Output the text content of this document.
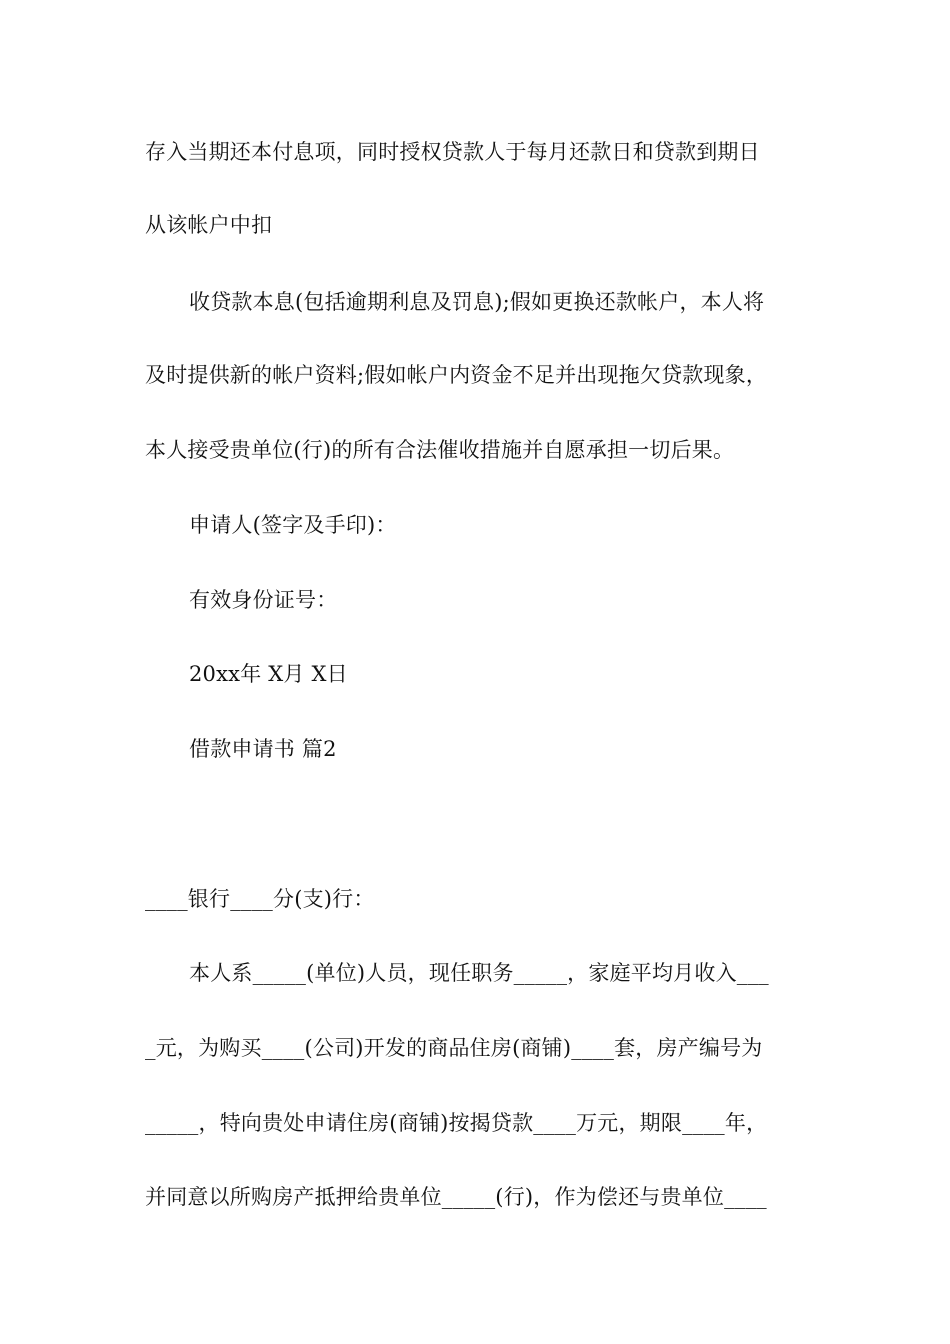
存入当期还本付息项，同时授权贷款人于每月还款日和贷款到期日
从该帐户中扣
收贷款本息(包括逾期利息及罚息);假如更换还款帐户，本人将
及时提供新的帐户资料;假如帐户内资金不足并出现拖欠贷款现象，
本人接受贵单位(行)的所有合法催收措施并自愿承担一切后果。
申请人(签字及手印)：
有效身份证号：
20xx年 X月 X日
借款申请书 篇2
____银行____分(支)行：
本人系_____(单位)人员，现任职务_____，家庭平均月收入___
_元，为购买____(公司)开发的商品住房(商铺)____套，房产编号为
_____，特向贵处申请住房(商铺)按揭贷款____万元，期限____年，
并同意以所购房产抵押给贵单位_____(行)，作为偿还与贵单位____
